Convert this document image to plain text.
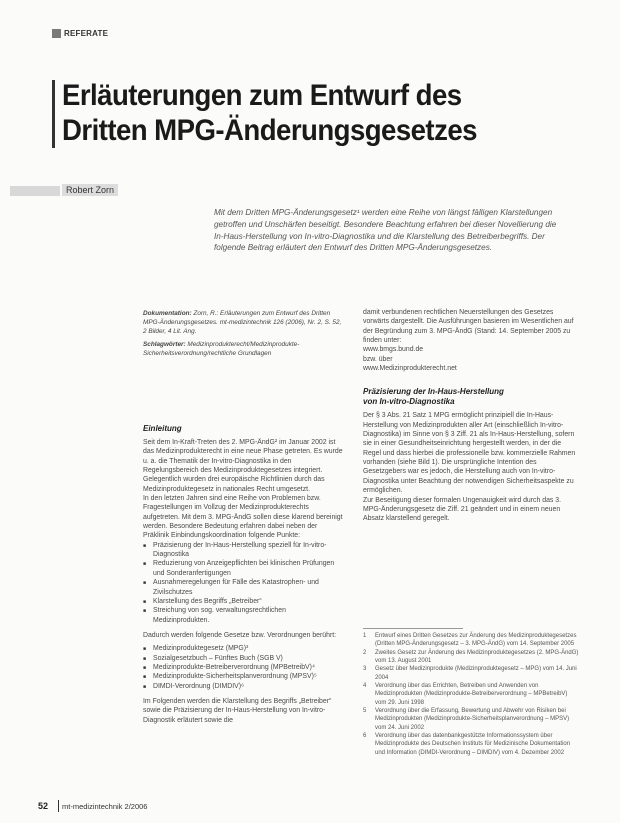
REFERATE
Erläuterungen zum Entwurf des
Dritten MPG-Änderungsgesetzes
Robert Zorn
Mit dem Dritten MPG-Änderungsgesetz¹ werden eine Reihe von längst fälligen Klarstellungen getroffen und Unschärfen beseitigt. Besondere Beachtung erfahren bei dieser Novellierung die In-Haus-Herstellung von In-vitro-Diagnostika und die Klarstellung des Betreiberbegriffs. Der folgende Beitrag erläutert den Entwurf des Dritten MPG-Änderungsgesetzes.
Dokumentation: Zorn, R.: Erläuterungen zum Entwurf des Dritten MPG-Änderungsgesetzes. mt-medizintechnik 126 (2006), Nr. 2, S. 52, 2 Bilder, 4 Lit. Ang.
Schlagwörter: Medizinprodukterecht/Medizinprodukte-Sicherheitsverordnung/rechtliche Grundlagen
Einleitung
Seit dem In-Kraft-Treten des 2. MPG-ÄndG² im Januar 2002 ist das Medizinprodukterecht in eine neue Phase getreten. Es wurde u. a. die Thematik der In-vitro-Diagnostika in den Regelungsbereich des Medizinproduktegesetzes integriert. Gelegentlich wurden drei europäische Richtlinien durch das Medizinproduktegesetz in nationales Recht umgesetzt.
In den letzten Jahren sind eine Reihe von Problemen bzw. Fragestellungen im Vollzug der Medizinprodukterechts aufgetreten. Mit dem 3. MPG-ÄndG sollen diese klarend bereinigt werden. Besondere Bedeutung erfahren dabei neben der Präklinik Einbindungskoordination folgende Punkte:
■ Präzisierung der In-Haus-Herstellung speziell für In-vitro-Diagnostika
■ Reduzierung von Anzeigepflichten bei klinischen Prüfungen und Sonderanfertigungen
■ Ausnahmeregelungen für Fälle des Katastrophen- und Zivilschutzes
■ Klarstellung des Begriffs „Betreiber“
■ Streichung von sog. verwaltungsrechtlichen Medizinprodukten.
Dadurch werden folgende Gesetze bzw. Verordnungen berührt:
■ Medizinproduktegesetz (MPG)³
■ Sozialgesetzbuch – Fünftes Buch (SGB V)
■ Medizinprodukte-Betreiberverordnung (MPBetreibV)⁴
■ Medizinprodukte-Sicherheitsplanverordnung (MPSV)⁵
■ DIMDI-Verordnung (DIMDIV)⁶
Im Folgenden werden die Klarstellung des Begriffs „Betreiber“ sowie die Präzisierung der In-Haus-Herstellung von In-vitro-Diagnostik erläutert sowie die
damit verbundenen rechtlichen Neuerstellungen des Gesetzes vorwärts dargestellt. Die Ausführungen basieren im Wesentlichen auf der Begründung zum 3. MPG-ÄndG (Stand: 14. September 2005 zu finden unter:
www.bmgs.bund.de
bzw. über
www.Medizinprodukterecht.net
Präzisierung der In-Haus-Herstellung
von In-vitro-Diagnostika
Der § 3 Abs. 21 Satz 1 MPG ermöglicht prinzipiell die In-Haus-Herstellung von Medizinprodukten aller Art (einschließlich In-vitro-Diagnostika) im Sinne von § 3 Ziff. 21 als In-Haus-Herstellung, sofern sie in einer Gesundheitseinrichtung hergestellt werden, in der die Regel und dass hierbei die professionelle bzw. kommerzielle Rahmen vorhanden (siehe Bild 1). Die ursprüngliche Intention des Gesetzgebers war es jedoch, die Herstellung auch von In-vitro-Diagnostika unter Beachtung der notwendigen Sicherheitsaspekte zu ermöglichen.
Zur Beseitigung dieser formalen Ungenauigkeit wird durch das 3. MPG-Änderungsgesetz die Ziff. 21 geändert und in einem neuen Absatz klarstellend geregelt.
1 Entwurf eines Dritten Gesetzes zur Änderung des Medizinproduktegesetzes (Dritten MPG-Änderungsgesetz – 3. MPG-ÄndG) vom 14. September 2005
2 Zweites Gesetz zur Änderung des Medizinproduktegesetzes (2. MPG-ÄndG) vom 13. August 2001
3 Gesetz über Medizinprodukte (Medizinproduktegesetz – MPG) vom 14. Juni 2004
4 Verordnung über das Errichten, Betreiben und Anwenden von Medizinprodukten (Medizinprodukte-Betreiberverordnung – MPBetreibV) vom 29. Juni 1998
5 Verordnung über die Erfassung, Bewertung und Abwehr von Risiken bei Medizinprodukten (Medizinprodukte-Sicherheitsplanverordnung – MPSV) vom 24. Juni 2002
6 Verordnung über das datenbankgestützte Informationssystem über Medizinprodukte des Deutschen Instituts für Medizinische Dokumentation und Information (DIMDI-Verordnung – DIMDIV) vom 4. Dezember 2002
52 mt-medizintechnik 2/2006
